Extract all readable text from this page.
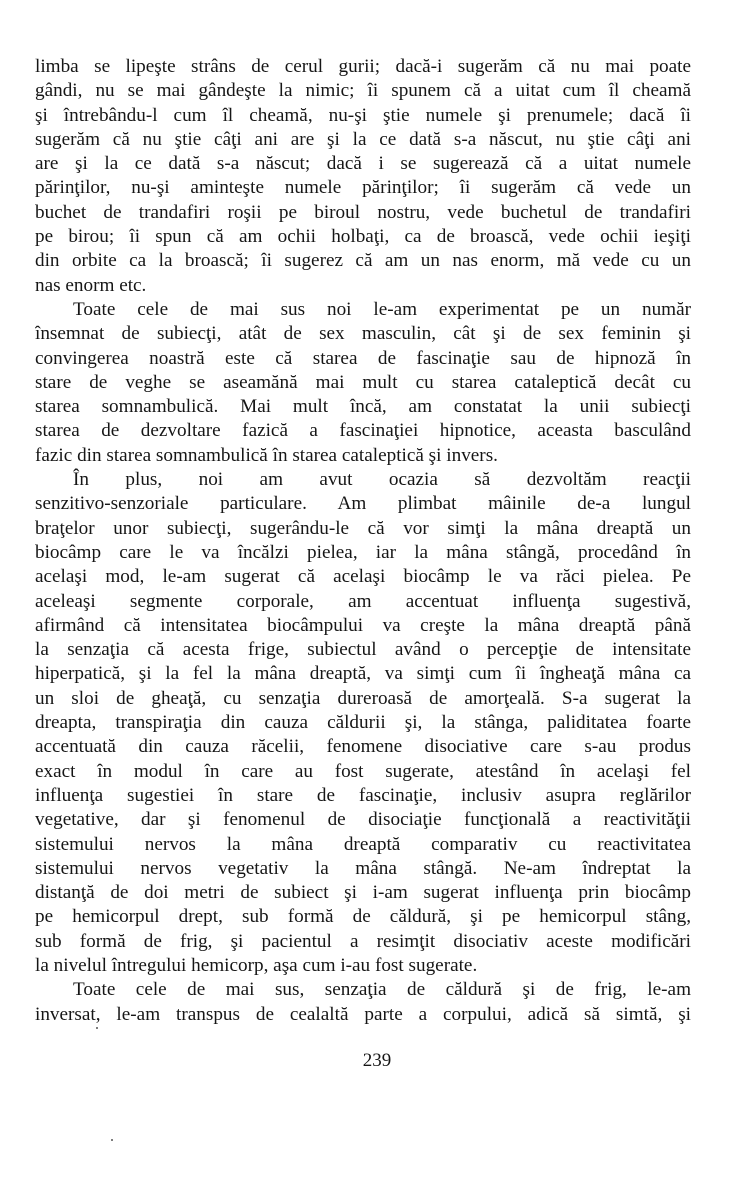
limba se lipeşte strâns de cerul gurii; dacă-i sugerăm că nu mai poate
gândi, nu se mai gândeşte la nimic; îi spunem că a uitat cum îl cheamă
şi întrebându-l cum îl cheamă, nu-şi ştie numele şi prenumele; dacă îi
sugerăm că nu ştie câţi ani are şi la ce dată s-a născut, nu ştie câţi ani
are şi la ce dată s-a născut; dacă i se sugerează că a uitat numele
părinţilor, nu-şi aminteşte numele părinţilor; îi sugerăm că vede un
buchet de trandafiri roşii pe biroul nostru, vede buchetul de trandafiri
pe birou; îi spun că am ochii holbaţi, ca de broască, vede ochii ieşiţi
din orbite ca la broască; îi sugerez că am un nas enorm, mă vede cu un
nas enorm etc.
Toate cele de mai sus noi le-am experimentat pe un număr
însemnat de subiecţi, atât de sex masculin, cât şi de sex feminin şi
convingerea noastră este că starea de fascinaţie sau de hipnoză în
stare de veghe se aseamănă mai mult cu starea cataleptică decât cu
starea somnambulică. Mai mult încă, am constatat la unii subiecţi
starea de dezvoltare fazică a fascinaţiei hipnotice, aceasta basculând
fazic din starea somnambulică în starea cataleptică şi invers.
În plus, noi am avut ocazia să dezvoltăm reacţii
senzitivo-senzoriale particulare. Am plimbat mâinile de-a lungul
braţelor unor subiecţi, sugerându-le că vor simţi la mâna dreaptă un
biocâmp care le va încălzi pielea, iar la mâna stângă, procedând în
acelaşi mod, le-am sugerat că acelaşi biocâmp le va răci pielea. Pe
aceleaşi segmente corporale, am accentuat influenţa sugestivă,
afirmând că intensitatea biocâmpului va creşte la mâna dreaptă până
la senzaţia că acesta frige, subiectul având o percepţie de intensitate
hiperpatică, şi la fel la mâna dreaptă, va simţi cum îi îngheaţă mâna ca
un sloi de gheaţă, cu senzaţia dureroasă de amorţeală. S-a sugerat la
dreapta, transpiraţia din cauza căldurii şi, la stânga, paliditatea foarte
accentuată din cauza răcelii, fenomene disociative care s-au produs
exact în modul în care au fost sugerate, atestând în acelaşi fel
influenţa sugestiei în stare de fascinaţie, inclusiv asupra reglărilor
vegetative, dar şi fenomenul de disociaţie funcţională a reactivităţii
sistemului nervos la mâna dreaptă comparativ cu reactivitatea
sistemului nervos vegetativ la mâna stângă. Ne-am îndreptat la
distanţă de doi metri de subiect şi i-am sugerat influenţa prin biocâmp
pe hemicorpul drept, sub formă de căldură, şi pe hemicorpul stâng,
sub formă de frig, şi pacientul a resimţit disociativ aceste modificări
la nivelul întregului hemicorp, aşa cum i-au fost sugerate.
Toate cele de mai sus, senzaţia de căldură şi de frig, le-am
inversat, le-am transpus de cealaltă parte a corpului, adică să simtă, şi
239
